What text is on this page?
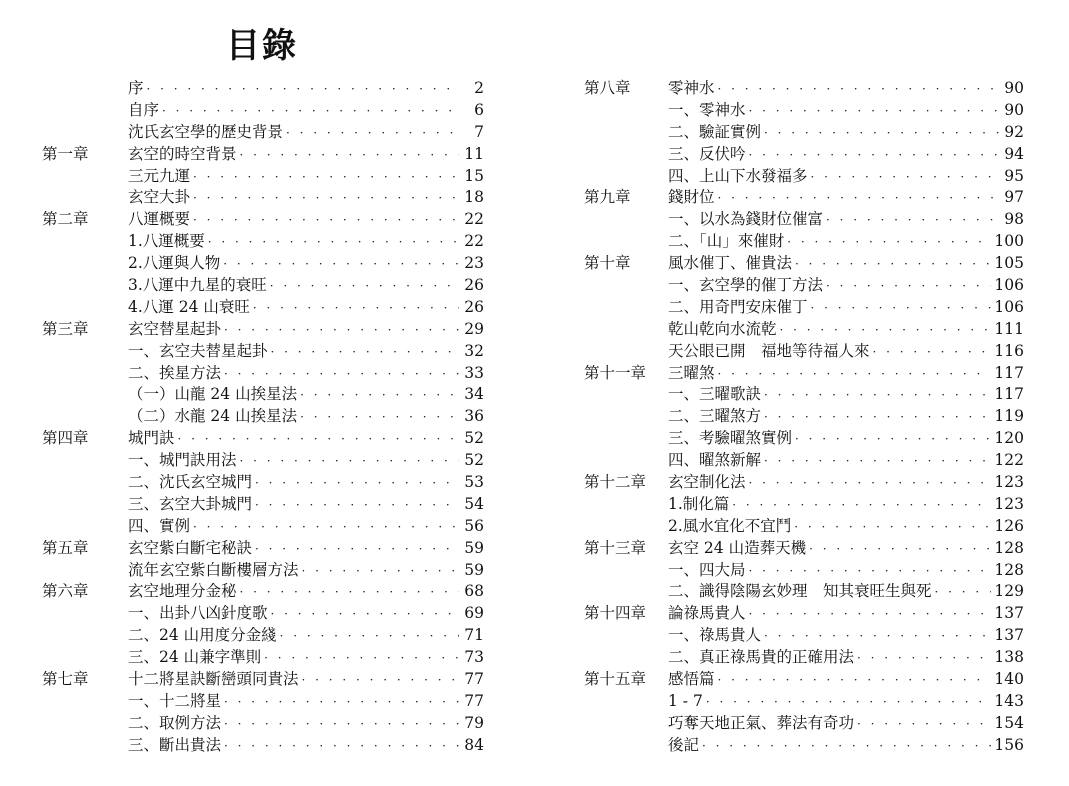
目錄
序 · · ·	2
自序 · · ·	6
沈氏玄空學的歷史背景 · · ·	7
第一章	玄空的時空背景 · · ·	11
三元九運 · · ·	15
玄空大卦 · · ·	18
第二章	八運概要 · · ·	22
1.八運概要 · · ·	22
2.八運與人物 · · ·	23
3.八運中九星的衰旺 · · ·	26
4.八運 24 山衰旺 · · ·	26
第三章	玄空替星起卦 · · ·	29
一、玄空夫替星起卦 · · ·	32
二、挨星方法 · · ·	33
（一）山龍 24 山挨星法 · · ·	34
（二）水龍 24 山挨星法 · · ·	36
第四章	城門訣 · · ·	52
一、城門訣用法 · · ·	52
二、沈氏玄空城門 · · ·	53
三、玄空大卦城門 · · ·	54
四、實例 · · ·	56
第五章	玄空紫白斷宅秘訣 · · ·	59
流年玄空紫白斷樓層方法 · · ·	59
第六章	玄空地理分金秘 · · ·	68
一、出卦八凶針度歌 · · ·	69
二、24 山用度分金綫 · · ·	71
三、24 山兼字準則 · · ·	73
第七章	十二將星訣斷巒頭同貴法 · · ·	77
一、十二將星 · · ·	77
二、取例方法 · · ·	79
三、斷出貴法 · · ·	84
第八章	零神水 · · ·	90
一、零神水 · · ·	90
二、驗証實例 · · ·	92
三、反伏吟 · · ·	94
四、上山下水發福多 · · ·	95
第九章	錢財位 · · ·	97
一、以水為錢財位催富 · · ·	98
二、「山」來催財 · · ·	100
第十章	風水催丁、催貴法 · · ·	105
一、玄空學的催丁方法 · · ·	106
二、用奇門安床催丁 · · ·	106
乾山乾向水流乾 · · ·	111
天公眼已開　福地等待福人來 · · ·	116
第十一章	三曜煞 · · ·	117
一、三曜歌訣 · · ·	117
二、三曜煞方 · · ·	119
三、考驗曜煞實例 · · ·	120
四、曜煞新解 · · ·	122
第十二章	玄空制化法 · · ·	123
1.制化篇 · · ·	123
2.風水宜化不宜鬥 · · ·	126
第十三章	玄空 24 山造葬天機 · · ·	128
一、四大局 · · ·	128
二、識得陰陽玄妙理　知其衰旺生與死 · · ·	129
第十四章	論祿馬貴人 · · ·	137
一、祿馬貴人 · · ·	137
二、真正祿馬貴的正確用法 · · ·	138
第十五章	感悟篇 · · ·	140
1 - 7 · · ·	143
巧奪天地正氣、葬法有奇功 · · ·	154
後記 · · ·	156
